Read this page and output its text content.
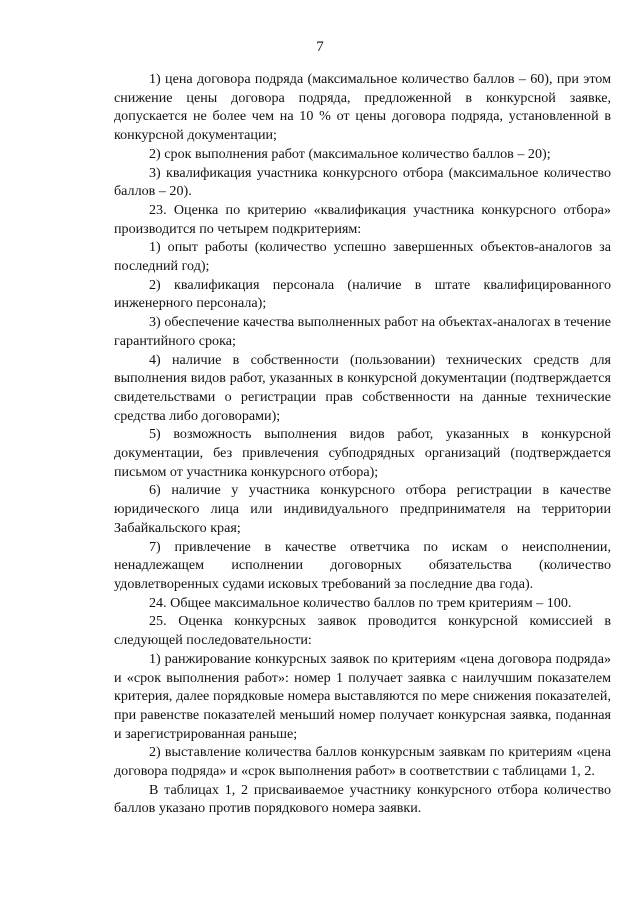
7

1) цена договора подряда (максимальное количество баллов – 60), при этом снижение цены договора подряда, предложенной в конкурсной заявке, допускается не более чем на 10 % от цены договора подряда, установленной в конкурсной документации;

2) срок выполнения работ (максимальное количество баллов – 20);

3) квалификация участника конкурсного отбора (максимальное количество баллов – 20).

23. Оценка по критерию «квалификация участника конкурсного отбора» производится по четырем подкритериям:

1) опыт работы (количество успешно завершенных объектов-аналогов за последний год);

2) квалификация персонала (наличие в штате квалифицированного инженерного персонала);

3) обеспечение качества выполненных работ на объектах-аналогах в течение гарантийного срока;

4) наличие в собственности (пользовании) технических средств для выполнения видов работ, указанных в конкурсной документации (подтверждается свидетельствами о регистрации прав собственности на данные технические средства либо договорами);

5) возможность выполнения видов работ, указанных в конкурсной документации, без привлечения субподрядных организаций (подтверждается письмом от участника конкурсного отбора);

6) наличие у участника конкурсного отбора регистрации в качестве юридического лица или индивидуального предпринимателя на территории Забайкальского края;

7) привлечение в качестве ответчика по искам о неисполнении, ненадлежащем исполнении договорных обязательства (количество удовлетворенных судами исковых требований за последние два года).

24. Общее максимальное количество баллов по трем критериям – 100.

25. Оценка конкурсных заявок проводится конкурсной комиссией в следующей последовательности:

1) ранжирование конкурсных заявок по критериям «цена договора подряда» и «срок выполнения работ»: номер 1 получает заявка с наилучшим показателем критерия, далее порядковые номера выставляются по мере снижения показателей, при равенстве показателей меньший номер получает конкурсная заявка, поданная и зарегистрированная раньше;

2) выставление количества баллов конкурсным заявкам по критериям «цена договора подряда» и «срок выполнения работ» в соответствии с таблицами 1, 2.

В таблицах 1, 2 присваиваемое участнику конкурсного отбора количество баллов указано против порядкового номера заявки.
